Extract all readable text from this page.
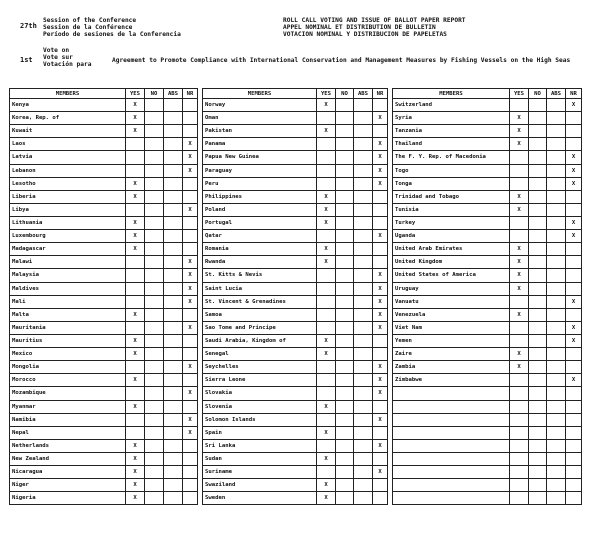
27th
Session of the Conference
Session de la Conférence
Período de sesiones de la Conferencia
ROLL CALL VOTING AND ISSUE OF BALLOT PAPER REPORT
APPEL NOMINAL ET DISTRIBUTION DE BULLETIN
VOTACION NOMINAL Y DISTRIBUCION DE PAPELETAS
1st
Vote on
Vote sur
Votación para
Agreement to Promote Compliance with International Conservation and Management Measures by Fishing Vessels on the High Seas
MEMBERS	YES	NO	ABS	NR
Kenya	X			
Korea, Rep. of	X			
Kuwait	X			
Laos				X
Latvia				X
Lebanon				X
Lesotho	X			
Liberia	X			
Libya				X
Lithuania	X			
Luxembourg	X			
Madagascar	X			
Malawi				X
Malaysia				X
Maldives				X
Mali				X
Malta	X			
Mauritania				X
Mauritius	X			
Mexico	X			
Mongolia				X
Morocco	X			
Mozambique				X
Myanmar	X			
Namibia				X
Nepal				X
Netherlands	X			
New Zealand	X			
Nicaragua	X			
Niger	X			
Nigeria	X			
MEMBERS	YES	NO	ABS	NR
Norway	X			
Oman				X
Pakistan	X			
Panama				X
Papua New Guinea				X
Paraguay				X
Peru				X
Philippines	X			
Poland	X			
Portugal	X			
Qatar				X
Romania	X			
Rwanda	X			
St. Kitts & Nevis				X
Saint Lucia				X
St. Vincent & Grenadines				X
Samoa				X
Sao Tome and Principe				X
Saudi Arabia, Kingdom of	X			
Senegal	X			
Seychelles				X
Sierra Leone				X
Slovakia				X
Slovenia	X			
Solomon Islands				X
Spain	X			
Sri Lanka				X
Sudan	X			
Suriname				X
Swaziland	X			
Sweden	X			
MEMBERS	YES	NO	ABS	NR
Switzerland				X
Syria	X			
Tanzania	X			
Thailand	X			
The F. Y. Rep. of Macedonia				X
Togo				X
Tonga				X
Trinidad and Tobago	X			
Tunisia	X			
Turkey				X
Uganda				X
United Arab Emirates	X			
United Kingdom	X			
United States of America	X			
Uruguay	X			
Vanuatu				X
Venezuela	X			
Viet Nam				X
Yemen				X
Zaire	X			
Zambia	X			
Zimbabwe				X
